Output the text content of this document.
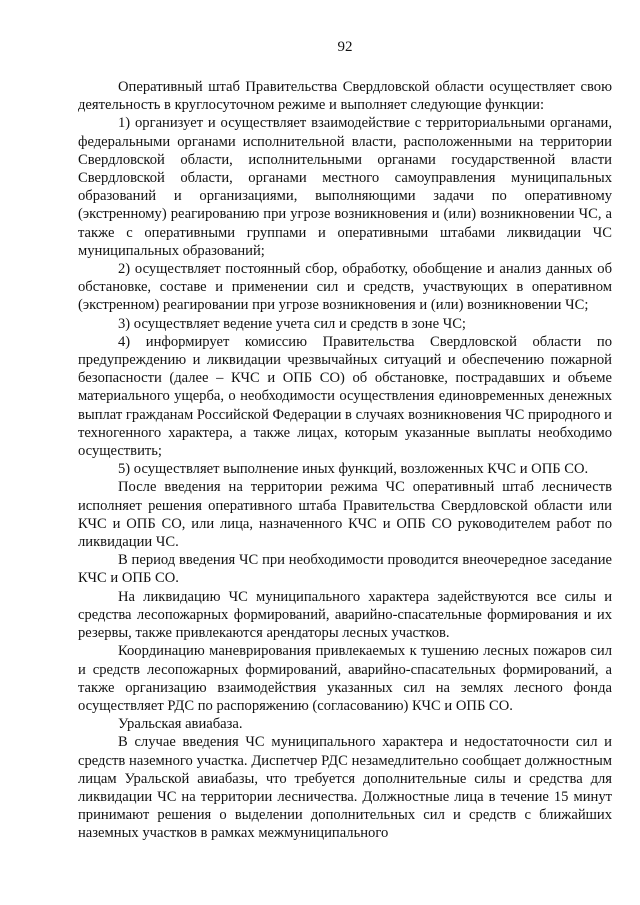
92

Оперативный штаб Правительства Свердловской области осуществляет свою деятельность в круглосуточном режиме и выполняет следующие функции:

1) организует и осуществляет взаимодействие с территориальными органами, федеральными органами исполнительной власти, расположенными на территории Свердловской области, исполнительными органами государственной власти Свердловской области, органами местного самоуправления муниципальных образований и организациями, выполняющими задачи по оперативному (экстренному) реагированию при угрозе возникновения и (или) возникновении ЧС, а также с оперативными группами и оперативными штабами ликвидации ЧС муниципальных образований;

2) осуществляет постоянный сбор, обработку, обобщение и анализ данных об обстановке, составе и применении сил и средств, участвующих в оперативном (экстренном) реагировании при угрозе возникновения и (или) возникновении ЧС;

3) осуществляет ведение учета сил и средств в зоне ЧС;

4) информирует комиссию Правительства Свердловской области по предупреждению и ликвидации чрезвычайных ситуаций и обеспечению пожарной безопасности (далее – КЧС и ОПБ СО) об обстановке, пострадавших и объеме материального ущерба, о необходимости осуществления единовременных денежных выплат гражданам Российской Федерации в случаях возникновения ЧС природного и техногенного характера, а также лицах, которым указанные выплаты необходимо осуществить;

5) осуществляет выполнение иных функций, возложенных КЧС и ОПБ СО.

После введения на территории режима ЧС оперативный штаб лесничеств исполняет решения оперативного штаба Правительства Свердловской области или КЧС и ОПБ СО, или лица, назначенного КЧС и ОПБ СО руководителем работ по ликвидации ЧС.

В период введения ЧС при необходимости проводится внеочередное заседание КЧС и ОПБ СО.

На ликвидацию ЧС муниципального характера задействуются все силы и средства лесопожарных формирований, аварийно-спасательные формирования и их резервы, также привлекаются арендаторы лесных участков.

Координацию маневрирования привлекаемых к тушению лесных пожаров сил и средств лесопожарных формирований, аварийно-спасательных формирований, а также организацию взаимодействия указанных сил на землях лесного фонда осуществляет РДС по распоряжению (согласованию) КЧС и ОПБ СО.

Уральская авиабаза.

В случае введения ЧС муниципального характера и недостаточности сил и средств наземного участка. Диспетчер РДС незамедлительно сообщает должностным лицам Уральской авиабазы, что требуется дополнительные силы и средства для ликвидации ЧС на территории лесничества. Должностные лица в течение 15 минут принимают решения о выделении дополнительных сил и средств с ближайших наземных участков в рамках межмуниципального
